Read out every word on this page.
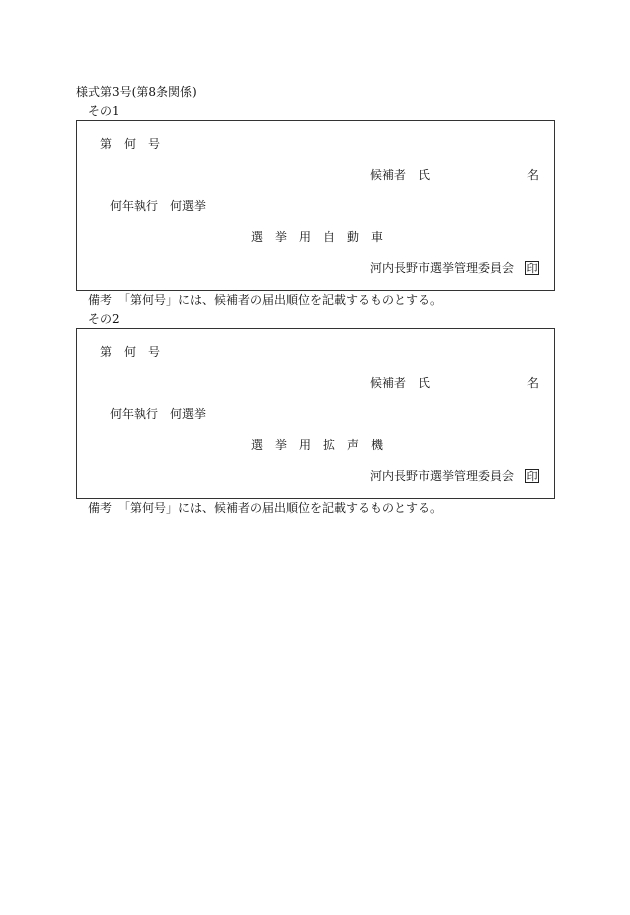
様式第3号(第8条関係)
その1
第　何　号
候補者　氏	名
何年執行　何選挙
選　挙　用　自　動　車
河内長野市選挙管理委員会 印
備考　「第何号」には、候補者の届出順位を記載するものとする。
その2
第　何　号
候補者　氏	名
何年執行　何選挙
選　挙　用　拡　声　機
河内長野市選挙管理委員会 印
備考　「第何号」には、候補者の届出順位を記載するものとする。
